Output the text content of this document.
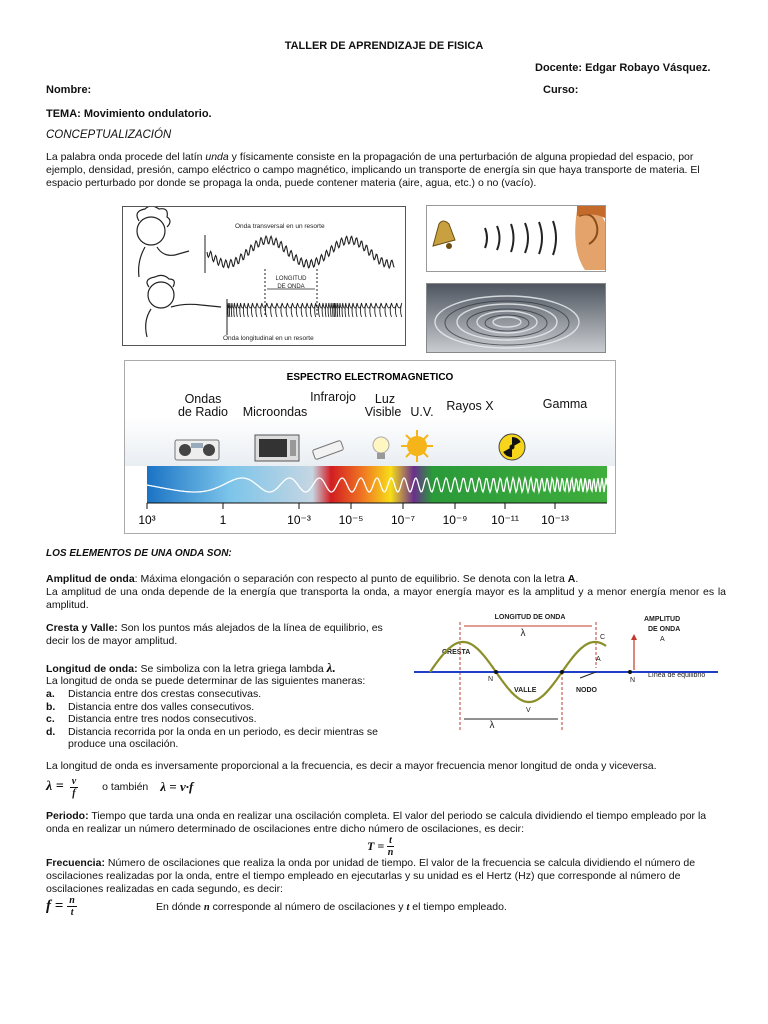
TALLER DE APRENDIZAJE DE FISICA
Docente: Edgar Robayo Vásquez.
Nombre:	Curso:
TEMA: Movimiento ondulatorio.
CONCEPTUALIZACIÓN

La palabra onda procede del latín unda y físicamente consiste en la propagación de una perturbación de alguna propiedad del espacio, por ejemplo, densidad, presión, campo eléctrico o campo magnético, implicando un transporte de energía sin que haya transporte de materia. El espacio perturbado por donde se propaga la onda, puede contener materia (aire, agua, etc.) o no (vacío).

Onda transversal en un resorte
LONGITUD DE ONDA
Onda longitudinal en un resorte
ESPECTRO ELECTROMAGNETICO
Ondas
de Radio Microondas
Infrarojo Luz
Visible U.V. Rayos X	Gamma
10³	1	10⁻³ 10⁻⁵ 10⁻⁷ 10⁻⁹ 10⁻¹¹ 10⁻¹³
LOS ELEMENTOS DE UNA ONDA SON:

Amplitud de onda: Máxima elongación o separación con respecto al punto de equilibrio. Se denota con la letra A.

La amplitud de una onda depende de la energía que transporta la onda, a mayor energía mayor es la amplitud y a menor energía menor es la amplitud.

Cresta y Valle: Son los puntos más alejados de la línea de equilibrio, es decir los de mayor amplitud.

Longitud de onda: Se simboliza con la letra griega lambda λ.

La longitud de onda se puede determinar de las siguientes maneras:

a. Distancia entre dos crestas consecutivas.
b. Distancia entre dos valles consecutivos.
c. Distancia entre tres nodos consecutivos.
d.	Distancia recorrida por la onda en un periodo, es decir mientras se produce una oscilación.
LONGITUD DE ONDA
λ
λ
CRESTA
VALLE	NODO
AMPLITUD
DE ONDA
A
Línea de equilibrio
C
A
V
N	N

La longitud de onda es inversamente proporcional a la frecuencia, es decir a mayor frecuencia menor longitud de onda y viceversa.

$\lambda = \frac{v}{f}$ o también λ = v·f

Periodo: Tiempo que tarda una onda en realizar una oscilación completa. El valor del periodo se calcula dividiendo el tiempo empleado por la onda en realizar un número determinado de oscilaciones entre dicho número de oscilaciones, es decir:

$T = \frac{t}{n}$

Frecuencia: Número de oscilaciones que realiza la onda por unidad de tiempo. El valor de la frecuencia se calcula dividiendo el número de oscilaciones realizadas por la onda, entre el tiempo empleado en ejecutarlas y su unidad es el Hertz (Hz) que corresponde al número de oscilaciones realizadas en cada segundo, es decir:

$f = \frac{n}{t}$	En dónde n corresponde al número de oscilaciones y t el tiempo empleado.
